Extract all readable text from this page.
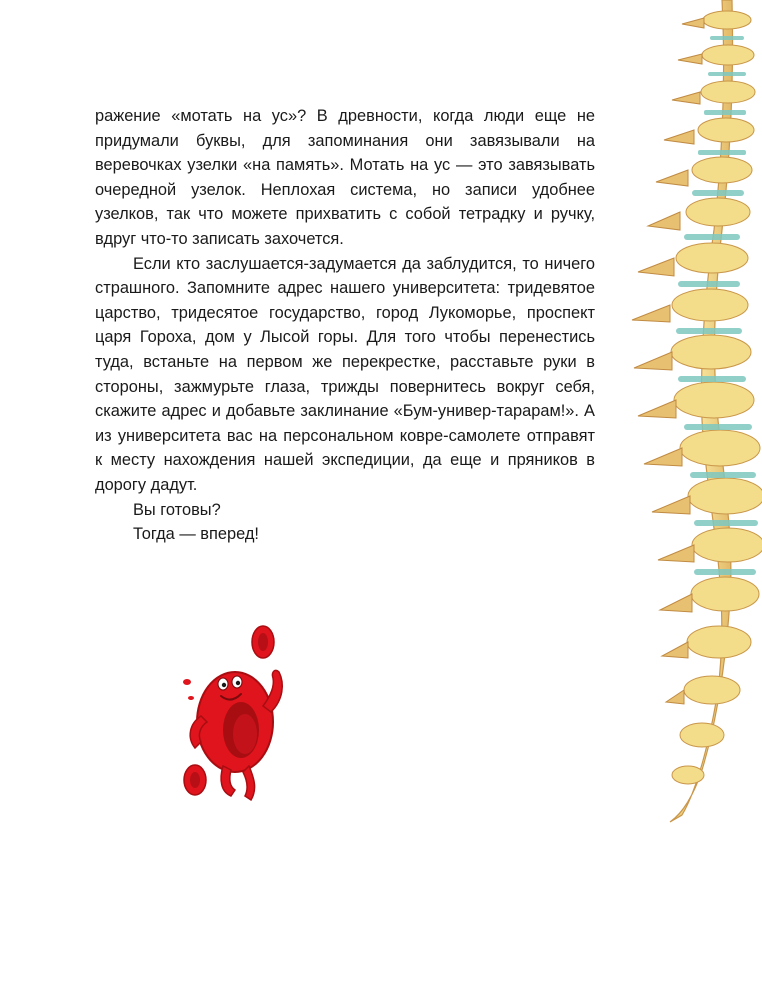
ражение «мотать на ус»? В древности, когда люди еще не придумали буквы, для запоминания они завязывали на веревочках узелки «на память». Мотать на ус — это завязывать очередной узелок. Неплохая система, но записи удобнее узелков, так что можете прихватить с собой тетрадку и ручку, вдруг что-то записать захочется.

Если кто заслушается-задумается да заблудится, то ничего страшного. Запомните адрес нашего университета: тридевятое царство, тридесятое государство, город Лукоморье, проспект царя Гороха, дом у Лысой горы. Для того чтобы перенестись туда, встаньте на первом же перекрестке, расставьте руки в стороны, зажмурьте глаза, трижды повернитесь вокруг себя, скажите адрес и добавьте заклинание «Бум-универ-тарарам!». А из университета вас на персональном ковре-самолете отправят к месту нахождения нашей экспедиции, да еще и пряников в дорогу дадут.

Вы готовы?

Тогда — вперед!
